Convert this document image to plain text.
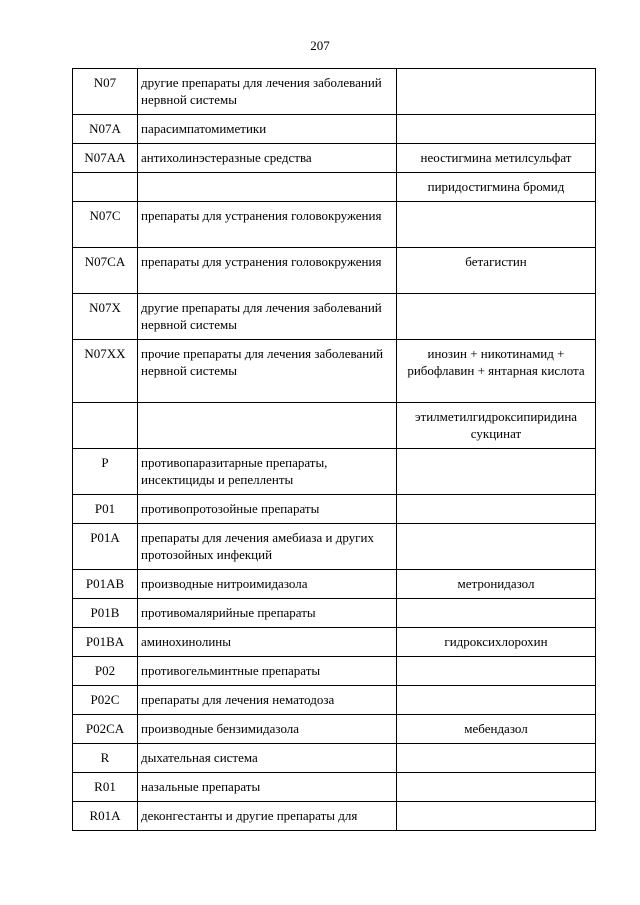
207
N07	другие препараты для лечения заболеваний нервной системы	
N07A	парасимпатомиметики	
N07AA	антихолинэстеразные средства	неостигмина метилсульфат
		пиридостигмина бромид
N07C	препараты для устранения головокружения	
N07CA	препараты для устранения головокружения	бетагистин
N07X	другие препараты для лечения заболеваний нервной системы	
N07XX	прочие препараты для лечения заболеваний нервной системы	инозин + никотинамид + рибофлавин + янтарная кислота
		этилметилгидроксипиридина сукцинат
P	противопаразитарные препараты, инсектициды и репелленты	
P01	противопротозойные препараты	
P01A	препараты для лечения амебиаза и других протозойных инфекций	
P01AB	производные нитроимидазола	метронидазол
P01B	противомалярийные препараты	
P01BA	аминохинолины	гидроксихлорохин
P02	противогельминтные препараты	
P02C	препараты для лечения нематодоза	
P02CA	производные бензимидазола	мебендазол
R	дыхательная система	
R01	назальные препараты	
R01A	деконгестанты и другие препараты для	
